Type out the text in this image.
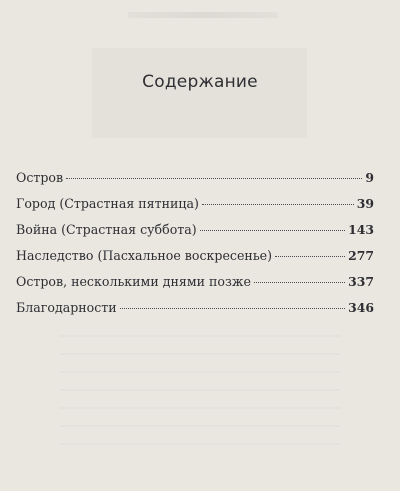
Содержание
Остров	9
Город (Страстная пятница)	39
Война (Страстная суббота)	143
Наследство (Пасхальное воскресенье)	277
Остров, несколькими днями позже	337
Благодарности	346
